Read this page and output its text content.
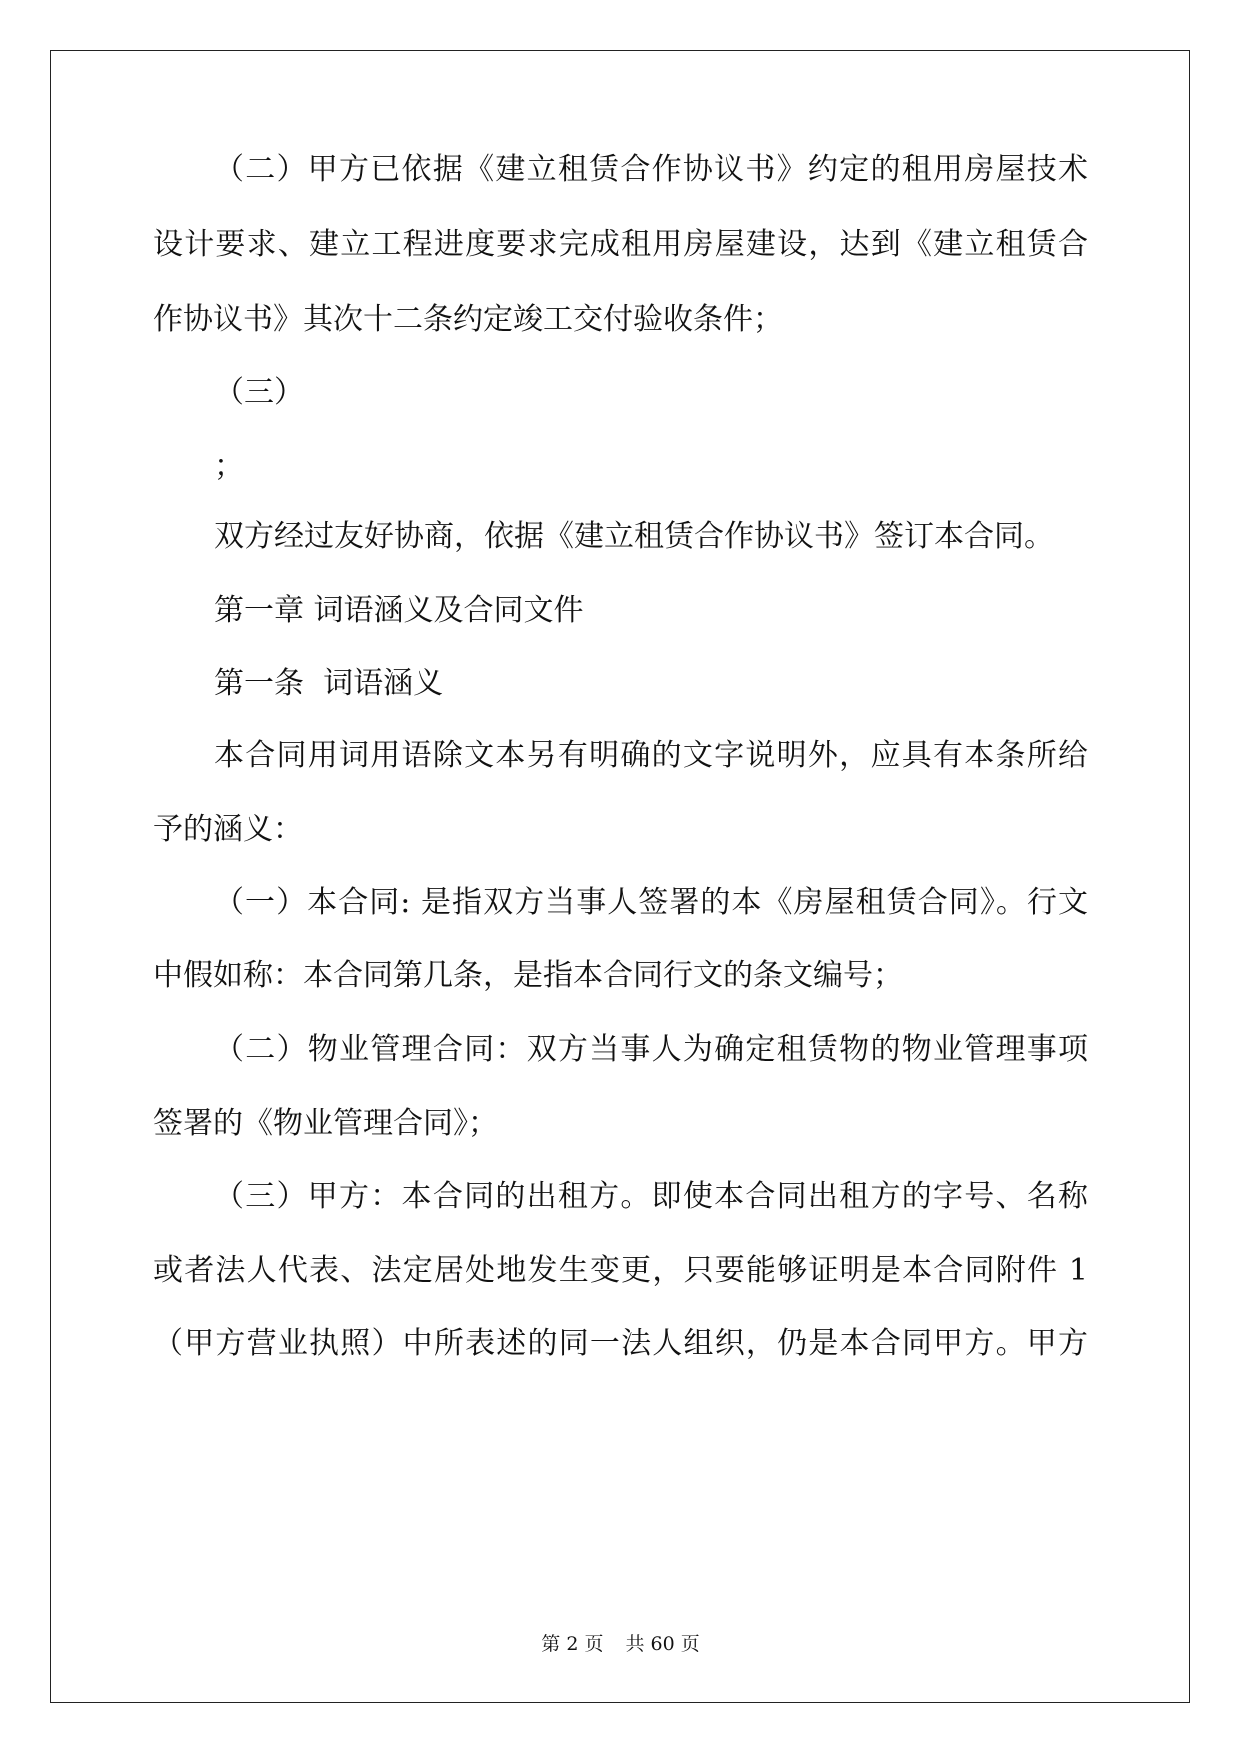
（二）甲方已依据《建立租赁合作协议书》约定的租用房屋技术
设计要求、建立工程进度要求完成租用房屋建设，达到《建立租赁合
作协议书》其次十二条约定竣工交付验收条件；
（三）
；
双方经过友好协商，依据《建立租赁合作协议书》签订本合同。
第一章 词语涵义及合同文件
第一条  词语涵义
本合同用词用语除文本另有明确的文字说明外，应具有本条所给
予的涵义：
（一）本合同: 是指双方当事人签署的本《房屋租赁合同》。行文
中假如称：本合同第几条，是指本合同行文的条文编号；
（二）物业管理合同：双方当事人为确定租赁物的物业管理事项
签署的《物业管理合同》；
（三）甲方：本合同的出租方。即使本合同出租方的字号、名称
或者法人代表、法定居处地发生变更，只要能够证明是本合同附件 1
（甲方营业执照）中所表述的同一法人组织，仍是本合同甲方。甲方
第 2 页 共 60 页
